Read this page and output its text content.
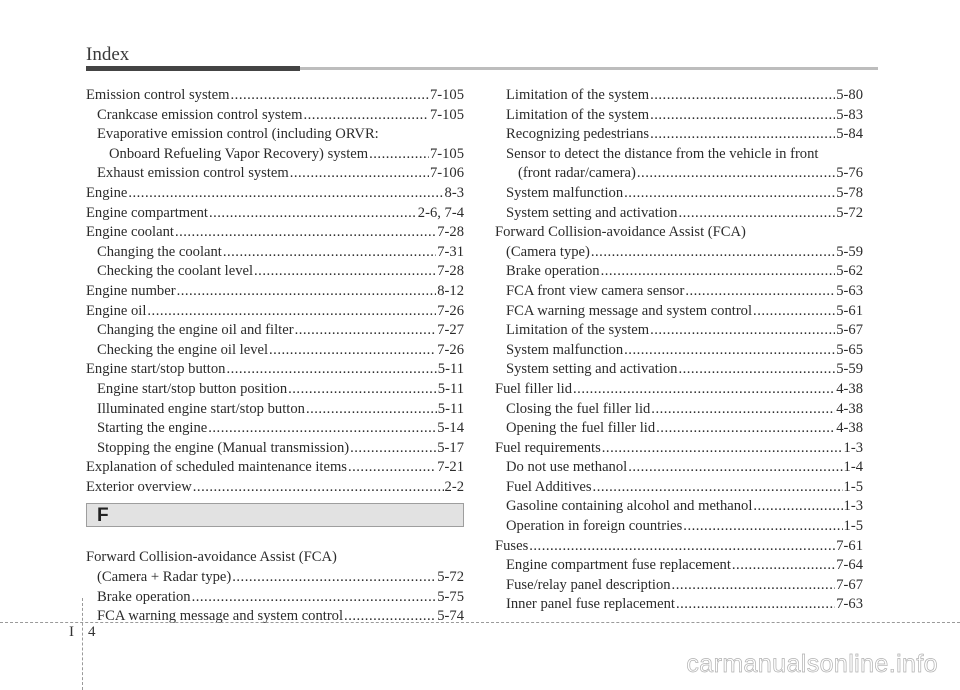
Index
Emission control system .....	7-105
Crankcase emission control system .....	7-105
Evaporative emission control (including ORVR:
Onboard Refueling Vapor Recovery) system .....	7-105
Exhaust emission control system .....	7-106
Engine .....	8-3
Engine compartment .....	2-6, 7-4
Engine coolant .....	7-28
Changing the coolant .....	7-31
Checking the coolant level .....	7-28
Engine number .....	8-12
Engine oil .....	7-26
Changing the engine oil and filter .....	7-27
Checking the engine oil level .....	7-26
Engine start/stop button .....	5-11
Engine start/stop button position .....	5-11
Illuminated engine start/stop button .....	5-11
Starting the engine .....	5-14
Stopping the engine (Manual transmission) .....	5-17
Explanation of scheduled maintenance items .....	7-21
Exterior overview .....	2-2
F
Forward Collision-avoidance Assist (FCA)
(Camera + Radar type) .....	5-72
Brake operation .....	5-75
FCA warning message and system control .....	5-74
Limitation of the system .....	5-80
Limitation of the system .....	5-83
Recognizing pedestrians .....	5-84
Sensor to detect the distance from the vehicle in front
(front radar/camera) .....	5-76
System malfunction .....	5-78
System setting and activation .....	5-72
Forward Collision-avoidance Assist (FCA)
(Camera type) .....	5-59
Brake operation .....	5-62
FCA front view camera sensor .....	5-63
FCA warning message and system control .....	5-61
Limitation of the system .....	5-67
System malfunction .....	5-65
System setting and activation .....	5-59
Fuel filler lid .....	4-38
Closing the fuel filler lid .....	4-38
Opening the fuel filler lid .....	4-38
Fuel requirements .....	1-3
Do not use methanol .....	1-4
Fuel Additives .....	1-5
Gasoline containing alcohol and methanol .....	1-3
Operation in foreign countries .....	1-5
Fuses .....	7-61
Engine compartment fuse replacement .....	7-64
Fuse/relay panel description .....	7-67
Inner panel fuse replacement .....	7-63
I 4
carmanualsonline.info
